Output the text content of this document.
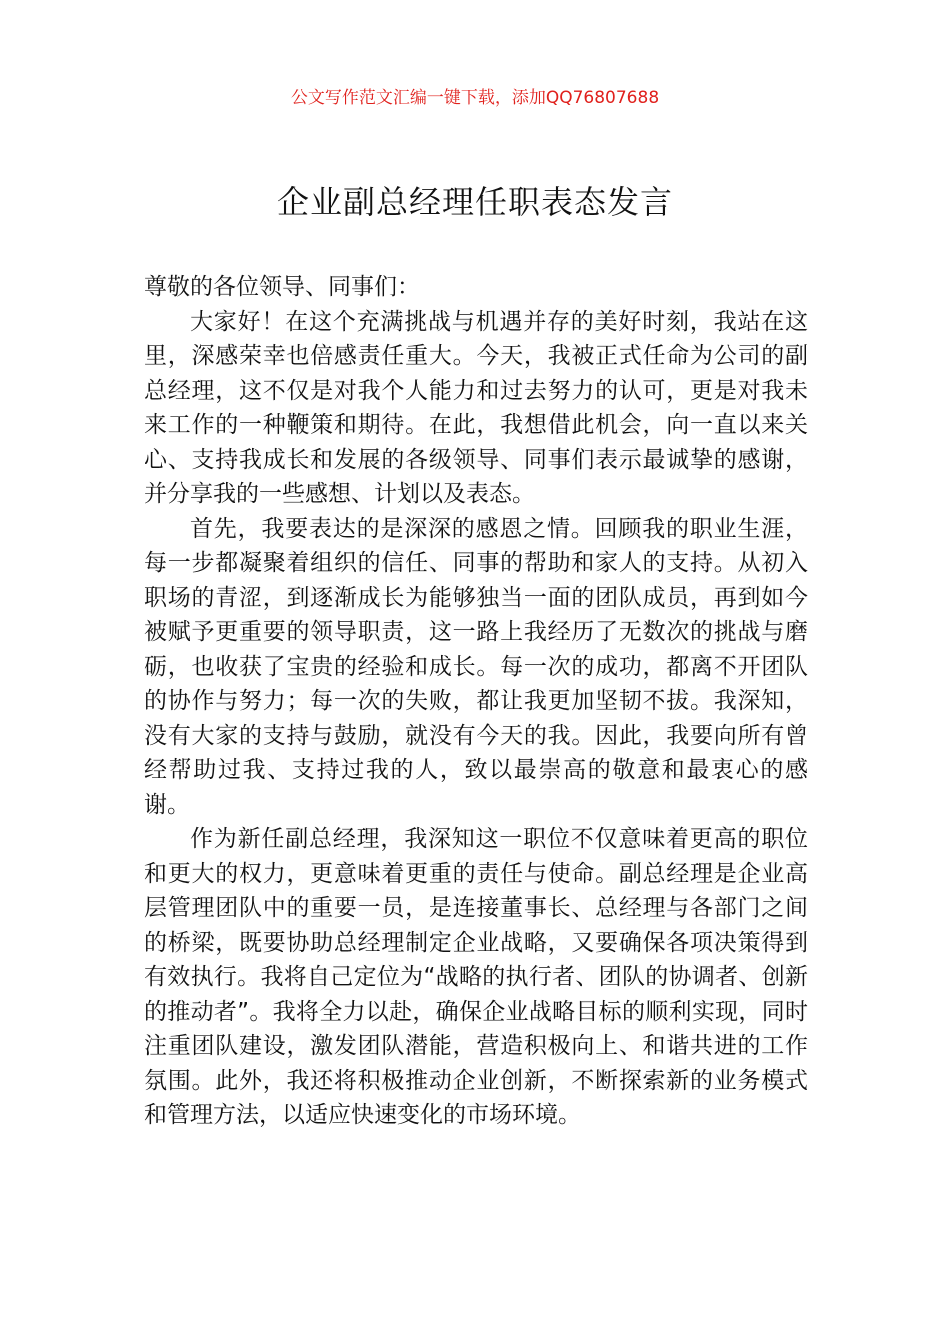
公文写作范文汇编一键下载，添加QQ76807688
企业副总经理任职表态发言

尊敬的各位领导、同事们：

大家好！在这个充满挑战与机遇并存的美好时刻，我站在这里，深感荣幸也倍感责任重大。今天，我被正式任命为公司的副总经理，这不仅是对我个人能力和过去努力的认可，更是对我未来工作的一种鞭策和期待。在此，我想借此机会，向一直以来关心、支持我成长和发展的各级领导、同事们表示最诚挚的感谢，并分享我的一些感想、计划以及表态。

首先，我要表达的是深深的感恩之情。回顾我的职业生涯，每一步都凝聚着组织的信任、同事的帮助和家人的支持。从初入职场的青涩，到逐渐成长为能够独当一面的团队成员，再到如今被赋予更重要的领导职责，这一路上我经历了无数次的挑战与磨砺，也收获了宝贵的经验和成长。每一次的成功，都离不开团队的协作与努力；每一次的失败，都让我更加坚韧不拔。我深知，没有大家的支持与鼓励，就没有今天的我。因此，我要向所有曾经帮助过我、支持过我的人，致以最崇高的敬意和最衷心的感谢。

作为新任副总经理，我深知这一职位不仅意味着更高的职位和更大的权力，更意味着更重的责任与使命。副总经理是企业高层管理团队中的重要一员，是连接董事长、总经理与各部门之间的桥梁，既要协助总经理制定企业战略，又要确保各项决策得到有效执行。我将自己定位为“战略的执行者、团队的协调者、创新的推动者”。我将全力以赴，确保企业战略目标的顺利实现，同时注重团队建设，激发团队潜能，营造积极向上、和谐共进的工作氛围。此外，我还将积极推动企业创新，不断探索新的业务模式和管理方法，以适应快速变化的市场环境。
